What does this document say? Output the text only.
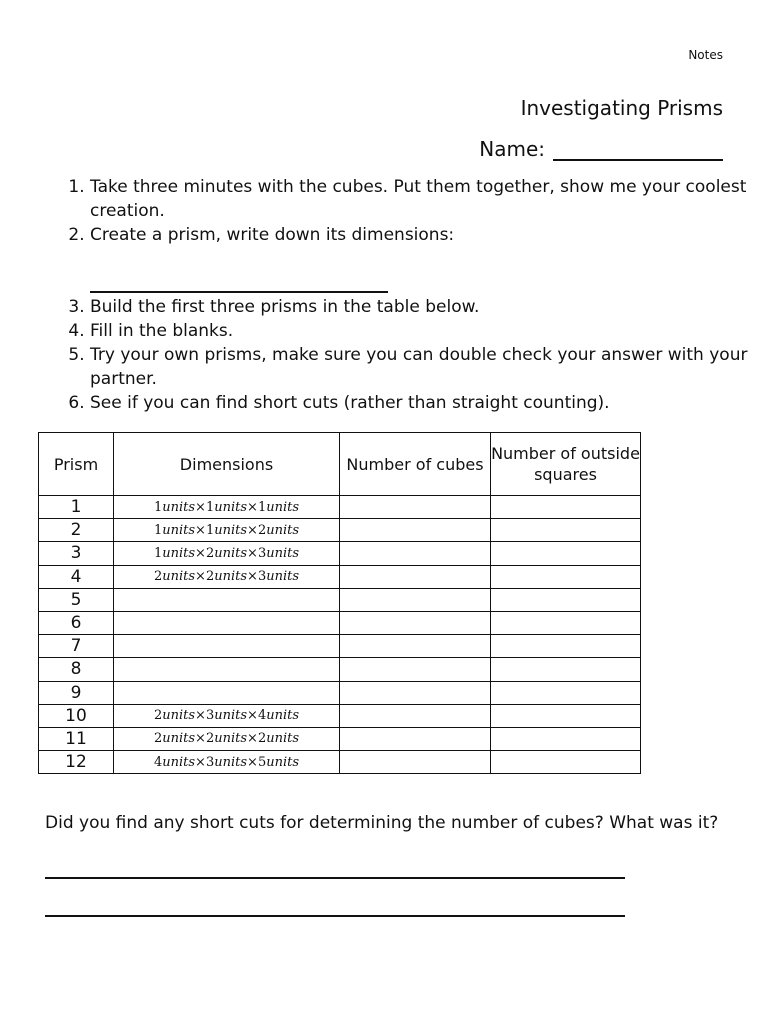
Notes
Investigating Prisms
Name:
1. Take three minutes with the cubes. Put them together, show me your coolest creation.
2. Create a prism, write down its dimensions:
3. Build the first three prisms in the table below.
4. Fill in the blanks.
5. Try your own prisms, make sure you can double check your answer with your partner.
6. See if you can find short cuts (rather than straight counting).
Prism	Dimensions	Number of cubes	Number of outside squares
1	1units×1units×1units		
2	1units×1units×2units		
3	1units×2units×3units		
4	2units×2units×3units		
5			
6			
7			
8			
9			
10	2units×3units×4units		
11	2units×2units×2units		
12	4units×3units×5units		
Did you find any short cuts for determining the number of cubes? What was it?
